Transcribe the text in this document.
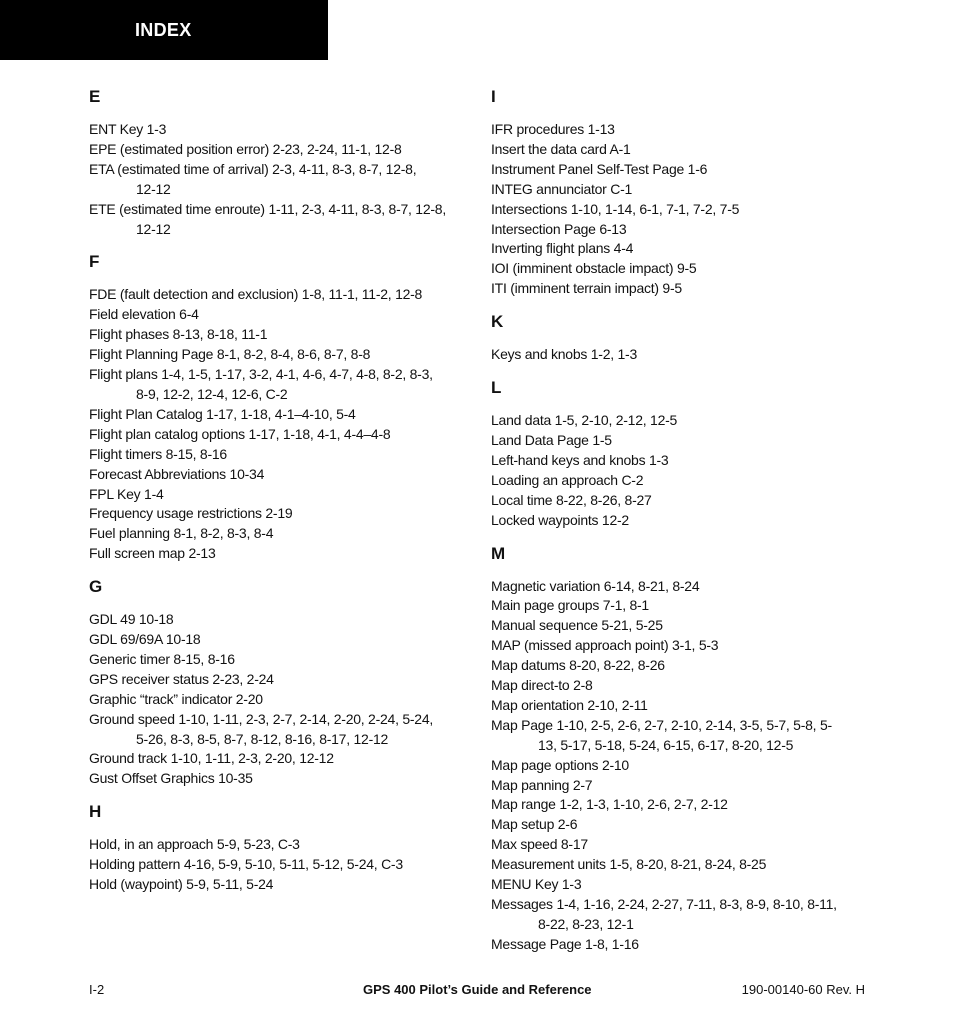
INDEX
E
ENT Key 1-3
EPE (estimated position error) 2-23, 2-24, 11-1, 12-8
ETA (estimated time of arrival) 2-3, 4-11, 8-3, 8-7, 12-8,
12-12
ETE (estimated time enroute) 1-11, 2-3, 4-11, 8-3, 8-7, 12-8,
12-12
F
FDE (fault detection and exclusion) 1-8, 11-1, 11-2, 12-8
Field elevation 6-4
Flight phases 8-13, 8-18, 11-1
Flight Planning Page 8-1, 8-2, 8-4, 8-6, 8-7, 8-8
Flight plans 1-4, 1-5, 1-17, 3-2, 4-1, 4-6, 4-7, 4-8, 8-2, 8-3,
8-9, 12-2, 12-4, 12-6, C-2
Flight Plan Catalog 1-17, 1-18, 4-1–4-10, 5-4
Flight plan catalog options 1-17, 1-18, 4-1, 4-4–4-8
Flight timers 8-15, 8-16
Forecast Abbreviations 10-34
FPL Key 1-4
Frequency usage restrictions 2-19
Fuel planning 8-1, 8-2, 8-3, 8-4
Full screen map 2-13
G
GDL 49 10-18
GDL 69/69A 10-18
Generic timer 8-15, 8-16
GPS receiver status 2-23, 2-24
Graphic “track” indicator 2-20
Ground speed 1-10, 1-11, 2-3, 2-7, 2-14, 2-20, 2-24, 5-24,
5-26, 8-3, 8-5, 8-7, 8-12, 8-16, 8-17, 12-12
Ground track 1-10, 1-11, 2-3, 2-20, 12-12
Gust Offset Graphics 10-35
H
Hold, in an approach 5-9, 5-23, C-3
Holding pattern 4-16, 5-9, 5-10, 5-11, 5-12, 5-24, C-3
Hold (waypoint) 5-9, 5-11, 5-24
I
IFR procedures 1-13
Insert the data card A-1
Instrument Panel Self-Test Page 1-6
INTEG annunciator C-1
Intersections 1-10, 1-14, 6-1, 7-1, 7-2, 7-5
Intersection Page 6-13
Inverting flight plans 4-4
IOI (imminent obstacle impact) 9-5
ITI (imminent terrain impact) 9-5
K
Keys and knobs 1-2, 1-3
L
Land data 1-5, 2-10, 2-12, 12-5
Land Data Page 1-5
Left-hand keys and knobs 1-3
Loading an approach C-2
Local time 8-22, 8-26, 8-27
Locked waypoints 12-2
M
Magnetic variation 6-14, 8-21, 8-24
Main page groups 7-1, 8-1
Manual sequence 5-21, 5-25
MAP (missed approach point) 3-1, 5-3
Map datums 8-20, 8-22, 8-26
Map direct-to 2-8
Map orientation 2-10, 2-11
Map Page 1-10, 2-5, 2-6, 2-7, 2-10, 2-14, 3-5, 5-7, 5-8, 5-
13, 5-17, 5-18, 5-24, 6-15, 6-17, 8-20, 12-5
Map page options 2-10
Map panning 2-7
Map range 1-2, 1-3, 1-10, 2-6, 2-7, 2-12
Map setup 2-6
Max speed 8-17
Measurement units 1-5, 8-20, 8-21, 8-24, 8-25
MENU Key 1-3
Messages 1-4, 1-16, 2-24, 2-27, 7-11, 8-3, 8-9, 8-10, 8-11,
8-22, 8-23, 12-1
Message Page 1-8, 1-16
I-2	GPS 400 Pilot’s Guide and Reference	190-00140-60 Rev. H
